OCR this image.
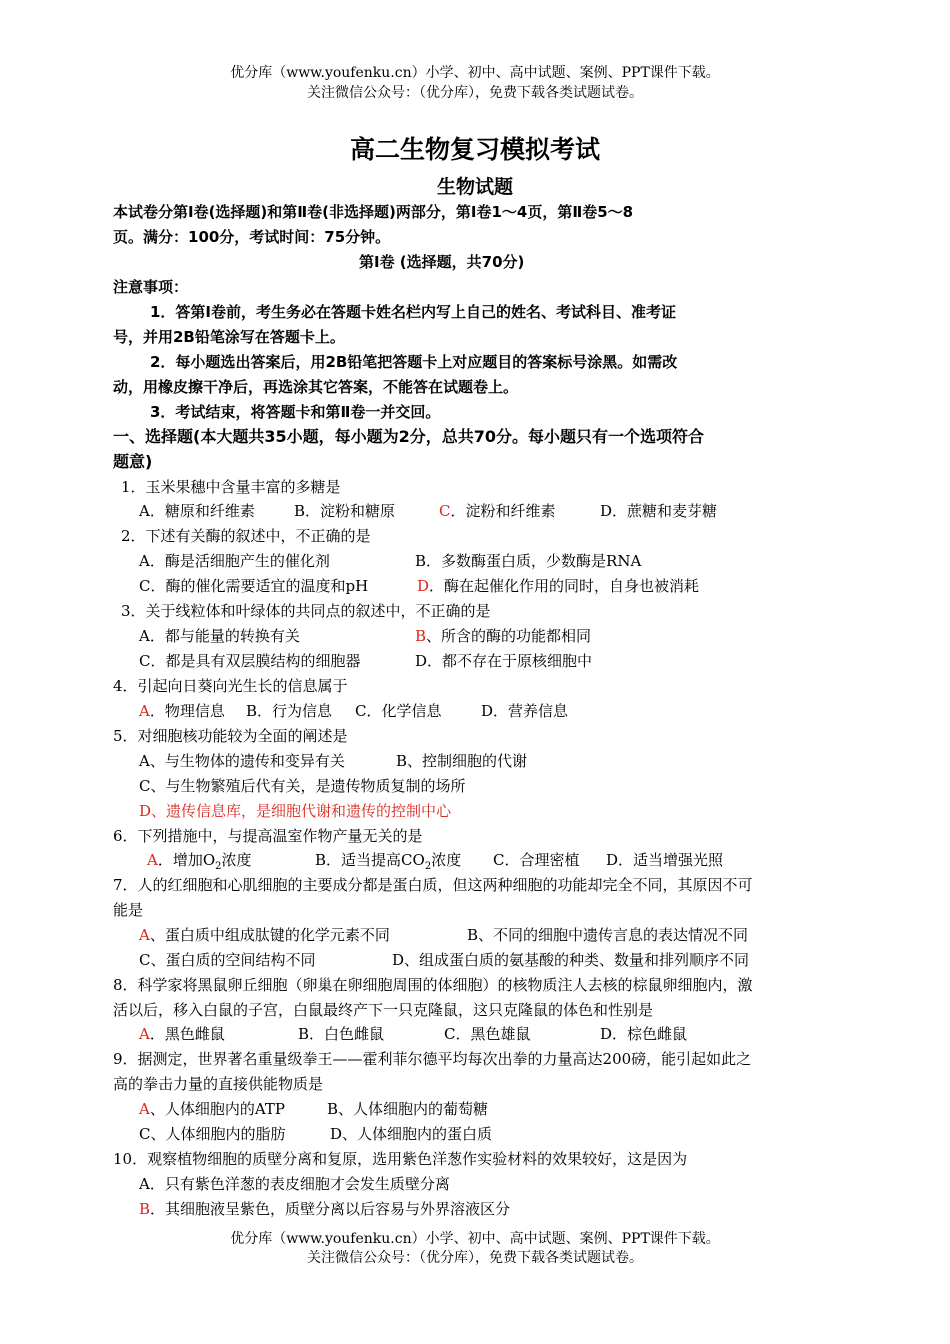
优分库（www.youfenku.cn）小学、初中、高中试题、案例、PPT课件下载。
关注微信公众号：（优分库），免费下载各类试题试卷。
高二生物复习模拟考试
生物试题
本试卷分第Ⅰ卷(选择题)和第Ⅱ卷(非选择题)两部分，第Ⅰ卷1～4页，第Ⅱ卷5～8
页。满分：100分，考试时间：75分钟。
第Ⅰ卷 (选择题，共70分)
注意事项：
1．答第Ⅰ卷前，考生务必在答题卡姓名栏内写上自己的姓名、考试科目、准考证
号，并用2B铅笔涂写在答题卡上。
2．每小题选出答案后，用2B铅笔把答题卡上对应题目的答案标号涂黑。如需改
动，用橡皮擦干净后，再选涂其它答案，不能答在试题卷上。
3．考试结束，将答题卡和第Ⅱ卷一并交回。
一、选择题(本大题共35小题，每小题为2分，总共70分。每小题只有一个选项符合
题意)
1．玉米果穗中含量丰富的多糖是
A．糖原和纤维素	B．淀粉和糖原	C．淀粉和纤维素	D．蔗糖和麦芽糖
2．下述有关酶的叙述中，不正确的是
A．酶是活细胞产生的催化剂	B．多数酶蛋白质，少数酶是RNA
C．酶的催化需要适宜的温度和pH	D．酶在起催化作用的同时，自身也被消耗
3．关于线粒体和叶绿体的共同点的叙述中，不正确的是
A．都与能量的转换有关	B、所含的酶的功能都相同
C．都是具有双层膜结构的细胞器	D．都不存在于原核细胞中
4．引起向日葵向光生长的信息属于
A．物理信息 B．行为信息 C．化学信息	D．营养信息
5．对细胞核功能较为全面的阐述是
A、与生物体的遗传和变异有关	B、控制细胞的代谢
C、与生物繁殖后代有关，是遗传物质复制的场所
D、遗传信息库，是细胞代谢和遗传的控制中心
6．下列措施中，与提高温室作物产量无关的是
A．增加$O_2$浓度	B．适当提高$CO_2$浓度 C．合理密植 D．适当增强光照
7．人的红细胞和心肌细胞的主要成分都是蛋白质，但这两种细胞的功能却完全不同，其原因不可
能是
A、蛋白质中组成肽键的化学元素不同	B、不同的细胞中遗传言息的表达情况不同
C、蛋白质的空间结构不同	D、组成蛋白质的氨基酸的种类、数量和排列顺序不同
8．科学家将黑鼠卵丘细胞（卵巢在卵细胞周围的体细胞）的核物质注人去核的棕鼠卵细胞内，激
活以后，移入白鼠的子宫，白鼠最终产下一只克隆鼠，这只克隆鼠的体色和性别是
A．黑色雌鼠	B．白色雌鼠	C．黑色雄鼠	D．棕色雌鼠
9．据测定，世界著名重量级拳王——霍利菲尔德平均每次出拳的力量高达200磅，能引起如此之
高的拳击力量的直接供能物质是
A、人体细胞内的ATP	B、人体细胞内的葡萄糖
C、人体细胞内的脂肪	D、人体细胞内的蛋白质
10．观察植物细胞的质壁分离和复原，选用紫色洋葱作实验材料的效果较好，这是因为
A．只有紫色洋葱的表皮细胞才会发生质壁分离
B．其细胞液呈紫色，质壁分离以后容易与外界溶液区分
优分库（www.youfenku.cn）小学、初中、高中试题、案例、PPT课件下载。
关注微信公众号：（优分库），免费下载各类试题试卷。
